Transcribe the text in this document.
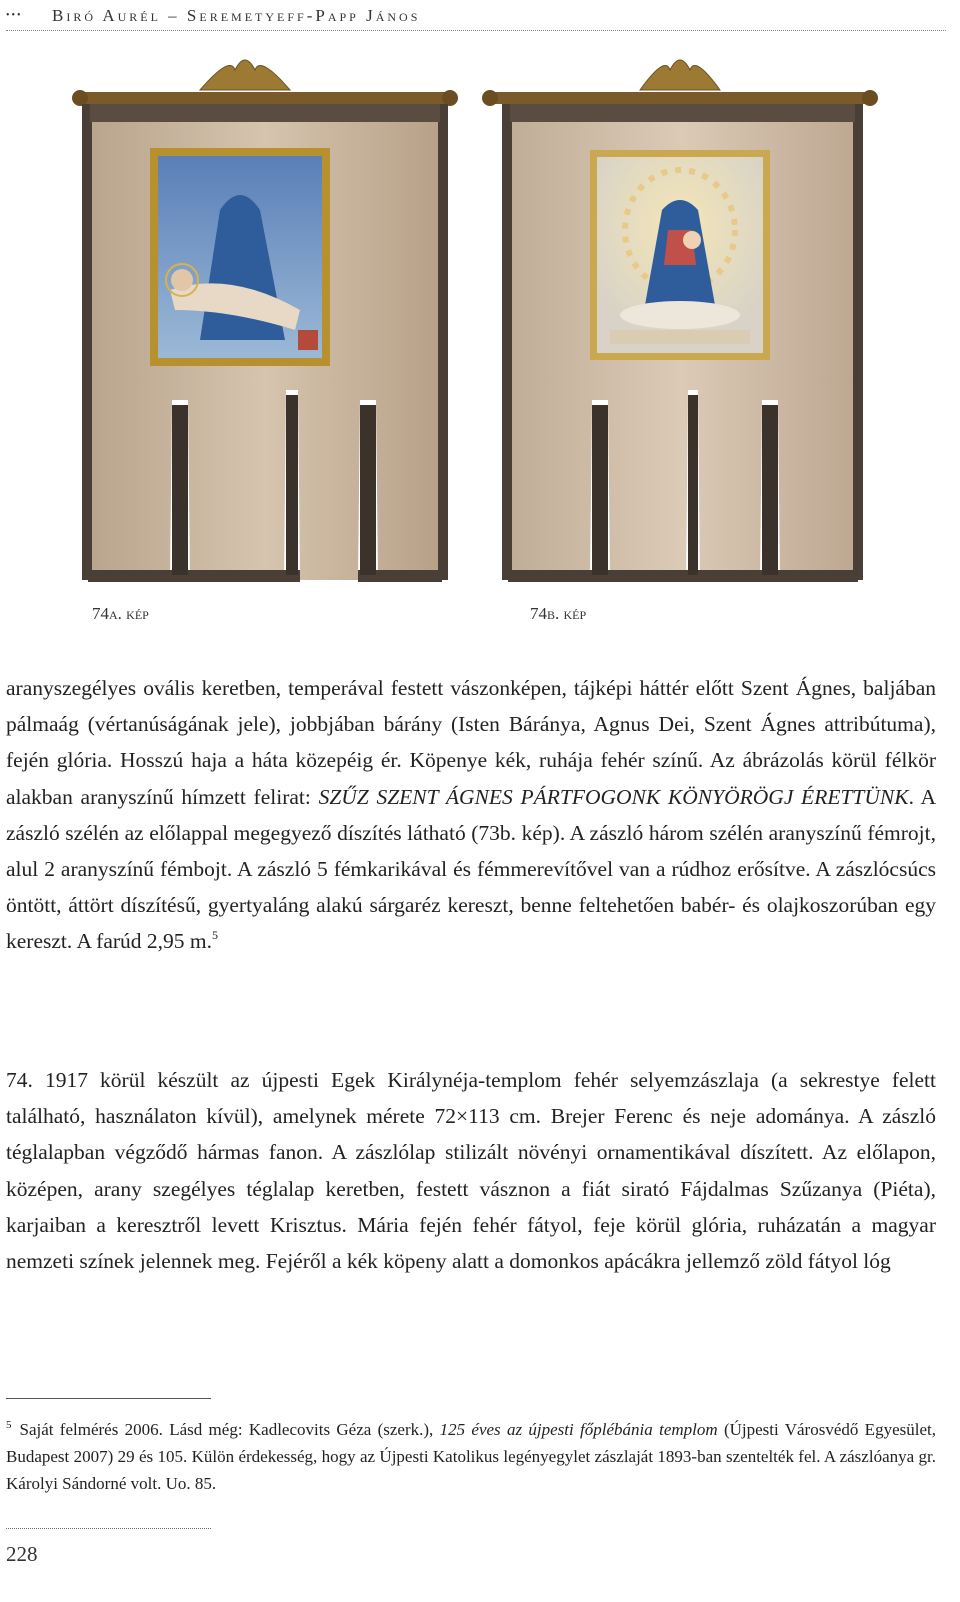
••• Biró Aurél – Seremetyeff-Papp János
74a. kép	74b. kép

aranyszegélyes ovális keretben, temperával festett vászonképen, tájképi háttér előtt Szent Ágnes, baljában pálmaág (vértanúságának jele), jobbjában bárány (Isten Báránya, Agnus Dei, Szent Ágnes attribútuma), fején glória. Hosszú haja a háta közepéig ér. Köpenye kék, ruhája fehér színű. Az ábrázolás körül félkör alakban aranyszínű hímzett felirat: SZŰZ SZENT ÁGNES PÁRTFOGONK KÖNYÖRÖGJ ÉRETTÜNK. A zászló szélén az előlappal megegyező díszítés látható (73b. kép). A zászló három szélén aranyszínű fémrojt, alul 2 aranyszínű fémbojt. A zászló 5 fémkarikával és fémmerevítővel van a rúdhoz erősítve. A zászlócsúcs öntött, áttört díszítésű, gyertyaláng alakú sárgaréz kereszt, benne feltehetően babér- és olajkoszorúban egy kereszt. A farúd 2,95 m.$^5$

74. 1917 körül készült az újpesti Egek Királynéja-templom fehér selyemzászlaja (a sekrestye felett található, használaton kívül), amelynek mérete 72×113 cm. Brejer Ferenc és neje adománya. A zászló téglalapban végződő hármas fanon. A zászlólap stilizált növényi ornamentikával díszített. Az előlapon, középen, arany szegélyes téglalap keretben, festett vásznon a fiát sirató Fájdalmas Szűzanya (Piéta), karjaiban a keresztről levett Krisztus. Mária fején fehér fátyol, feje körül glória, ruházatán a magyar nemzeti színek jelennek meg. Fejéről a kék köpeny alatt a domonkos apácákra jellemző zöld fátyol lóg

$^5$ Saját felmérés 2006. Lásd még: Kadlecovits Géza (szerk.), 125 éves az újpesti főplébánia templom (Újpesti Városvédő Egyesület, Budapest 2007) 29 és 105. Külön érdekesség, hogy az Újpesti Katolikus legényegylet zászlaját 1893-ban szentelték fel. A zászlóanya gr. Károlyi Sándorné volt. Uo. 85.

228
